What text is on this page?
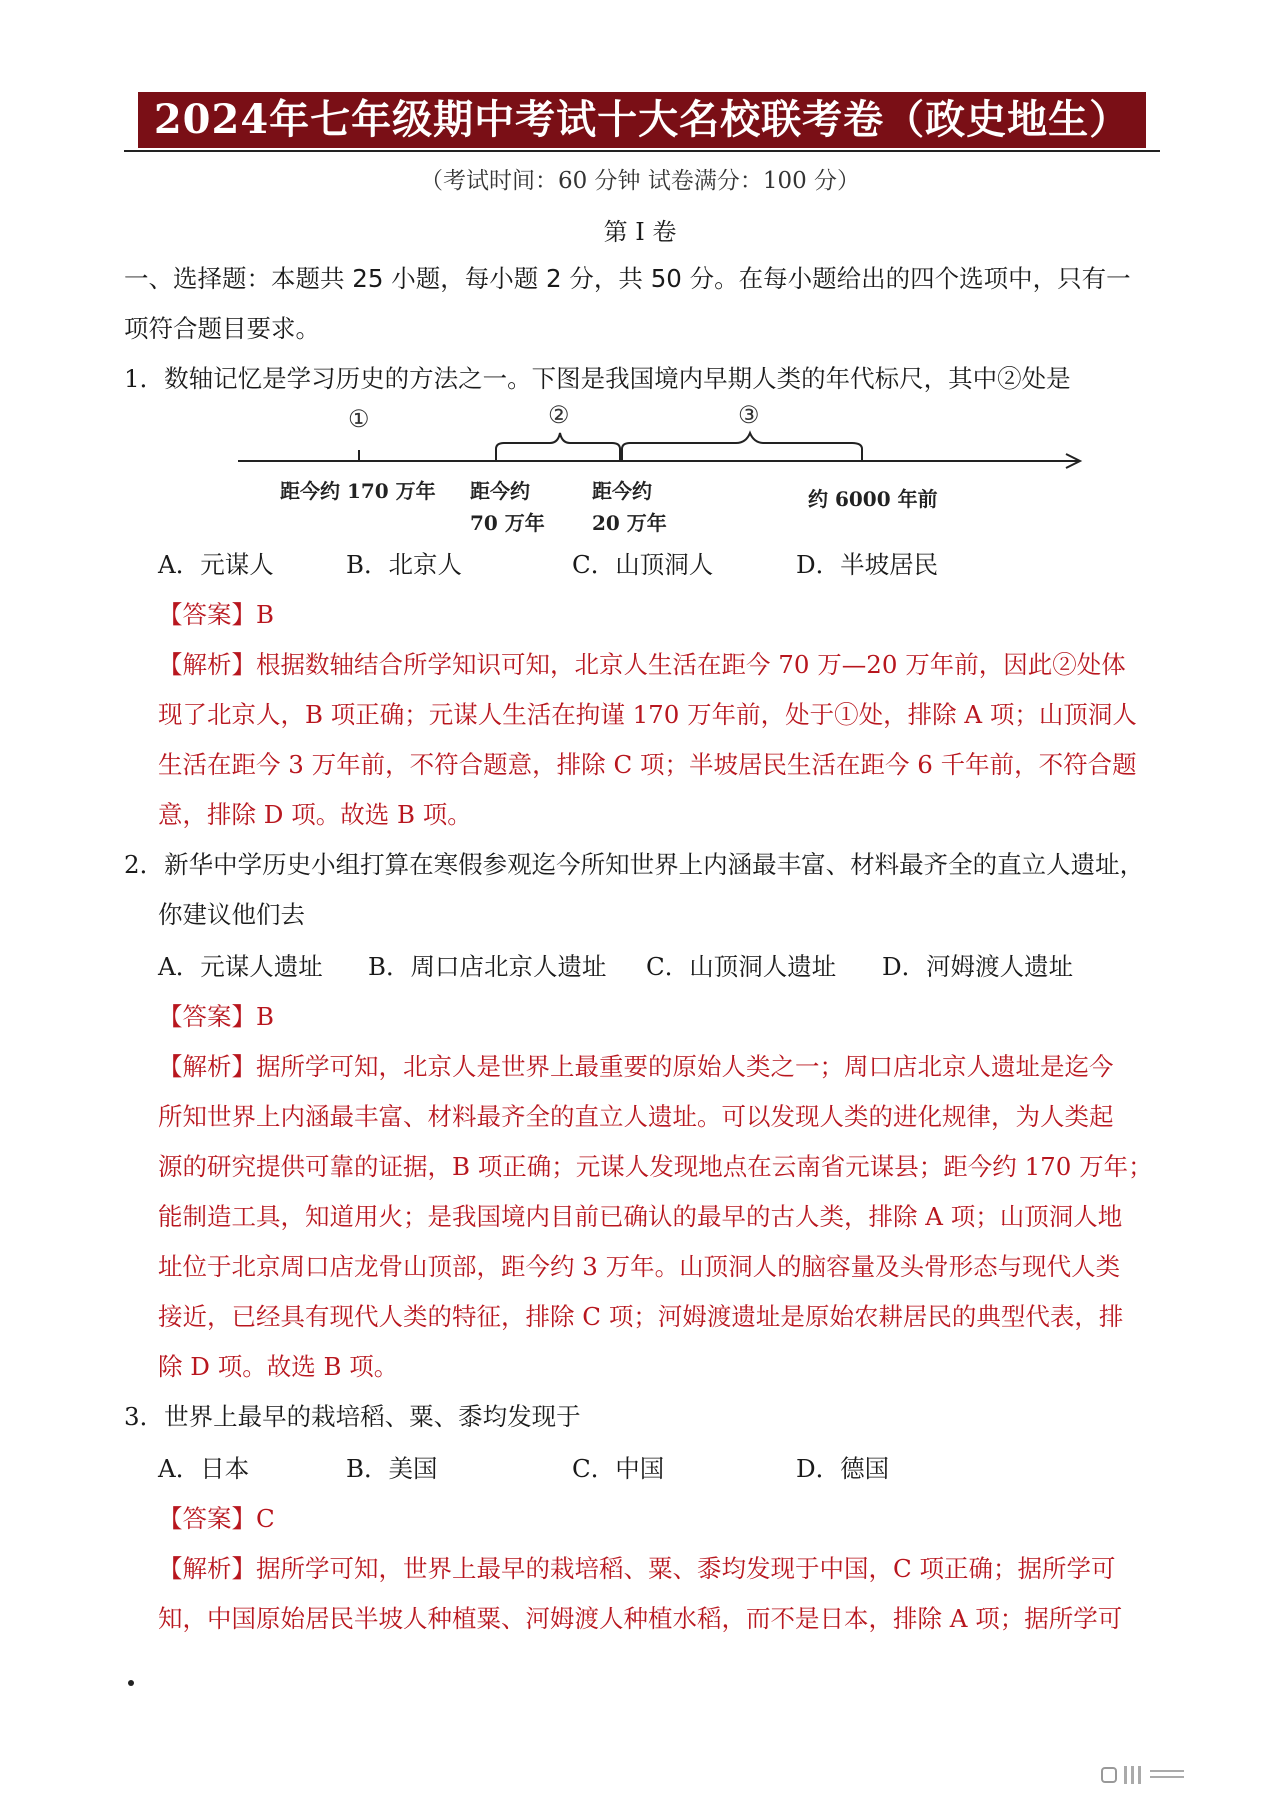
2024年七年级期中考试十大名校联考卷（政史地生）
（考试时间：60 分钟 试卷满分：100 分）
第 I 卷
一、选择题：本题共 25 小题，每小题 2 分，共 50 分。在每小题给出的四个选项中，只有一
项符合题目要求。
1．数轴记忆是学习历史的方法之一。下图是我国境内早期人类的年代标尺，其中②处是
①	②	③
距今约 170 万年 距今约
70 万年
距今约
20 万年
约 6000 年前
A．元谋人	B．北京人	C．山顶洞人	D．半坡居民
【答案】B
【解析】根据数轴结合所学知识可知，北京人生活在距今 70 万—20 万年前，因此②处体
现了北京人，B 项正确；元谋人生活在拘谨 170 万年前，处于①处，排除 A 项；山顶洞人
生活在距今 3 万年前，不符合题意，排除 C 项；半坡居民生活在距今 6 千年前，不符合题
意，排除 D 项。故选 B 项。
2．新华中学历史小组打算在寒假参观迄今所知世界上内涵最丰富、材料最齐全的直立人遗址，
你建议他们去
A．元谋人遗址 B．周口店北京人遗址 C．山顶洞人遗址 D．河姆渡人遗址
【答案】B
【解析】据所学可知，北京人是世界上最重要的原始人类之一；周口店北京人遗址是迄今
所知世界上内涵最丰富、材料最齐全的直立人遗址。可以发现人类的进化规律，为人类起
源的研究提供可靠的证据，B 项正确；元谋人发现地点在云南省元谋县；距今约 170 万年；
能制造工具，知道用火；是我国境内目前已确认的最早的古人类，排除 A 项；山顶洞人地
址位于北京周口店龙骨山顶部，距今约 3 万年。山顶洞人的脑容量及头骨形态与现代人类
接近，已经具有现代人类的特征，排除 C 项；河姆渡遗址是原始农耕居民的典型代表，排
除 D 项。故选 B 项。
3．世界上最早的栽培稻、粟、黍均发现于
A．日本	B．美国	C．中国	D．德国
【答案】C
【解析】据所学可知，世界上最早的栽培稻、粟、黍均发现于中国，C 项正确；据所学可
知，中国原始居民半坡人种植粟、河姆渡人种植水稻，而不是日本，排除 A 项；据所学可
